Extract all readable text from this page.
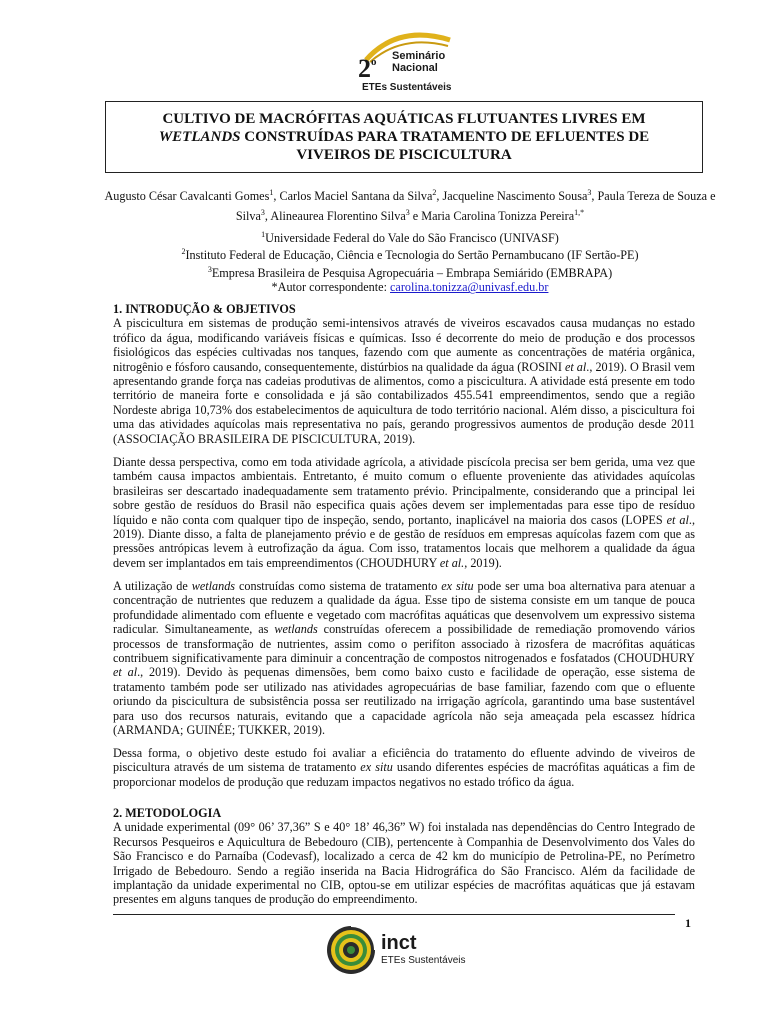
2$^o$
Seminário
Nacional
ETEs Sustentáveis
CULTIVO DE MACRÓFITAS AQUÁTICAS FLUTUANTES LIVRES EM
WETLANDS CONSTRUÍDAS PARA TRATAMENTO DE EFLUENTES DE
VIVEIROS DE PISCICULTURA
Augusto César Cavalcanti Gomes$^1$, Carlos Maciel Santana da Silva$^2$, Jacqueline Nascimento Sousa$^3$, Paula Tereza de Souza e Silva$^3$, Alineaurea Florentino Silva$^3$ e Maria Carolina Tonizza Pereira$^{1,*}$
$^1$Universidade Federal do Vale do São Francisco (UNIVASF)
$^2$Instituto Federal de Educação, Ciência e Tecnologia do Sertão Pernambucano (IF Sertão-PE)
$^3$Empresa Brasileira de Pesquisa Agropecuária – Embrapa Semiárido (EMBRAPA)
*Autor correspondente: carolina.tonizza@univasf.edu.br

1. INTRODUÇÃO & OBJETIVOS

A piscicultura em sistemas de produção semi-intensivos através de viveiros escavados causa mudanças no estado trófico da água, modificando variáveis físicas e químicas. Isso é decorrente do meio de produção e dos processos fisiológicos das espécies cultivadas nos tanques, fazendo com que aumente as concentrações de matéria orgânica, nitrogênio e fósforo causando, consequentemente, distúrbios na qualidade da água (ROSINI et al., 2019). O Brasil vem apresentando grande força nas cadeias produtivas de alimentos, como a piscicultura. A atividade está presente em todo território de maneira forte e consolidada e já são contabilizados 455.541 empreendimentos, sendo que a região Nordeste abriga 10,73% dos estabelecimentos de aquicultura de todo território nacional. Além disso, a piscicultura foi uma das atividades aquícolas mais representativa no país, gerando progressivos aumentos de produção desde 2011 (ASSOCIAÇÃO BRASILEIRA DE PISCICULTURA, 2019).

Diante dessa perspectiva, como em toda atividade agrícola, a atividade piscícola precisa ser bem gerida, uma vez que também causa impactos ambientais. Entretanto, é muito comum o efluente proveniente das atividades aquícolas brasileiras ser descartado inadequadamente sem tratamento prévio. Principalmente, considerando que a principal lei sobre gestão de resíduos do Brasil não especifica quais ações devem ser implementadas para esse tipo de resíduo líquido e não conta com qualquer tipo de inspeção, sendo, portanto, inaplicável na maioria dos casos (LOPES et al., 2019). Diante disso, a falta de planejamento prévio e de gestão de resíduos em empresas aquícolas fazem com que as pressões antrópicas levem à eutrofização da água. Com isso, tratamentos locais que melhorem a qualidade da água devem ser implantados em tais empreendimentos (CHOUDHURY et al., 2019).

A utilização de wetlands construídas como sistema de tratamento ex situ pode ser uma boa alternativa para atenuar a concentração de nutrientes que reduzem a qualidade da água. Esse tipo de sistema consiste em um tanque de pouca profundidade alimentado com efluente e vegetado com macrófitas aquáticas que desenvolvem um expressivo sistema radicular. Simultaneamente, as wetlands construídas oferecem a possibilidade de remediação promovendo vários processos de transformação de nutrientes, assim como o perifíton associado à rizosfera de macrófitas aquáticas contribuem significativamente para diminuir a concentração de compostos nitrogenados e fosfatados (CHOUDHURY et al., 2019). Devido às pequenas dimensões, bem como baixo custo e facilidade de operação, esse sistema de tratamento também pode ser utilizado nas atividades agropecuárias de base familiar, fazendo com que o efluente oriundo da piscicultura de subsistência possa ser reutilizado na irrigação agrícola, garantindo uma base sustentável para uso dos recursos naturais, evitando que a capacidade agrícola não seja ameaçada pela escassez hídrica (ARMANDA; GUINÉE; TUKKER, 2019).

Dessa forma, o objetivo deste estudo foi avaliar a eficiência do tratamento do efluente advindo de viveiros de piscicultura através de um sistema de tratamento ex situ usando diferentes espécies de macrófitas aquáticas a fim de proporcionar modelos de produção que reduzam impactos negativos no estado trófico da água.

2. METODOLOGIA

A unidade experimental (09° 06’ 37,36” S e 40° 18’ 46,36” W) foi instalada nas dependências do Centro Integrado de Recursos Pesqueiros e Aquicultura de Bebedouro (CIB), pertencente à Companhia de Desenvolvimento dos Vales do São Francisco e do Parnaíba (Codevasf), localizado a cerca de 42 km do município de Petrolina-PE, no Perímetro Irrigado de Bebedouro. Sendo a região inserida na Bacia Hidrográfica do São Francisco. Além da facilidade de implantação da unidade experimental no CIB, optou-se em utilizar espécies de macrófitas aquáticas que já estavam presentes em alguns tanques de produção do empreendimento.

1
inct
ETEs Sustentáveis
